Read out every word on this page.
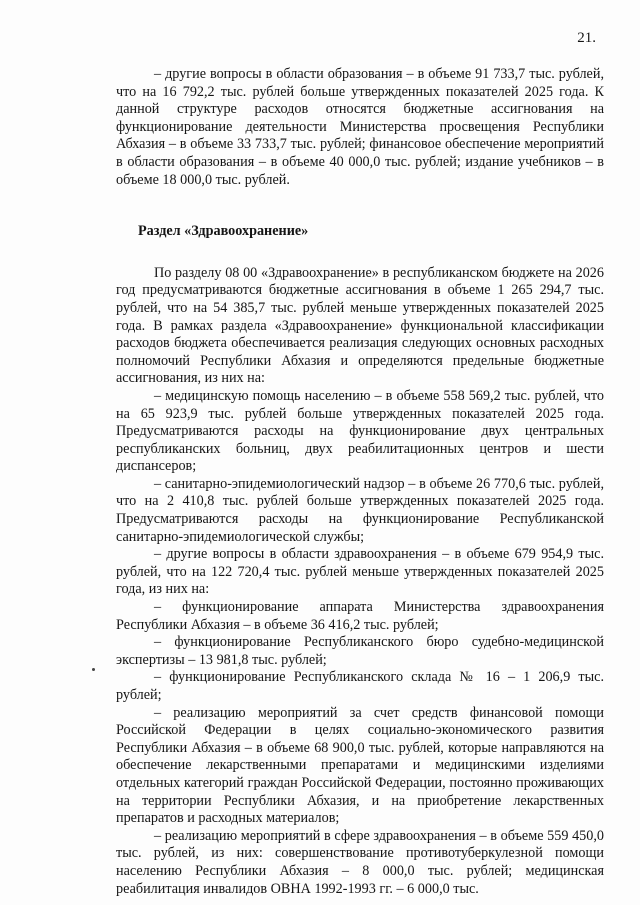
21.

– другие вопросы в области образования – в объеме 91 733,7 тыс. рублей, что на 16 792,2 тыс. рублей больше утвержденных показателей 2025 года. К данной структуре расходов относятся бюджетные ассигнования на функционирование деятельности Министерства просвещения Республики Абхазия – в объеме 33 733,7 тыс. рублей; финансовое обеспечение мероприятий в области образования – в объеме 40 000,0 тыс. рублей; издание учебников – в объеме 18 000,0 тыс. рублей.

Раздел «Здравоохранение»

По разделу 08 00 «Здравоохранение» в республиканском бюджете на 2026 год предусматриваются бюджетные ассигнования в объеме 1 265 294,7 тыс. рублей, что на 54 385,7 тыс. рублей меньше утвержденных показателей 2025 года. В рамках раздела «Здравоохранение» функциональной классификации расходов бюджета обеспечивается реализация следующих основных расходных полномочий Республики Абхазия и определяются предельные бюджетные ассигнования, из них на:

– медицинскую помощь населению – в объеме 558 569,2 тыс. рублей, что на 65 923,9 тыс. рублей больше утвержденных показателей 2025 года. Предусматриваются расходы на функционирование двух центральных республиканских больниц, двух реабилитационных центров и шести диспансеров;

– санитарно-эпидемиологический надзор – в объеме 26 770,6 тыс. рублей, что на 2 410,8 тыс. рублей больше утвержденных показателей 2025 года. Предусматриваются расходы на функционирование Республиканской санитарно-эпидемиологической службы;

– другие вопросы в области здравоохранения – в объеме 679 954,9 тыс. рублей, что на 122 720,4 тыс. рублей меньше утвержденных показателей 2025 года, из них на:

– функционирование аппарата Министерства здравоохранения Республики Абхазия – в объеме 36 416,2 тыс. рублей;

– функционирование Республиканского бюро судебно-медицинской экспертизы – 13 981,8 тыс. рублей;

– функционирование Республиканского склада № 16 – 1 206,9 тыс. рублей;

– реализацию мероприятий за счет средств финансовой помощи Российской Федерации в целях социально-экономического развития Республики Абхазия – в объеме 68 900,0 тыс. рублей, которые направляются на обеспечение лекарственными препаратами и медицинскими изделиями отдельных категорий граждан Российской Федерации, постоянно проживающих на территории Республики Абхазия, и на приобретение лекарственных препаратов и расходных материалов;

– реализацию мероприятий в сфере здравоохранения – в объеме 559 450,0 тыс. рублей, из них: совершенствование противотуберкулезной помощи населению Республики Абхазия – 8 000,0 тыс. рублей; медицинская реабилитация инвалидов ОВНА 1992-1993 гг. – 6 000,0 тыс.
